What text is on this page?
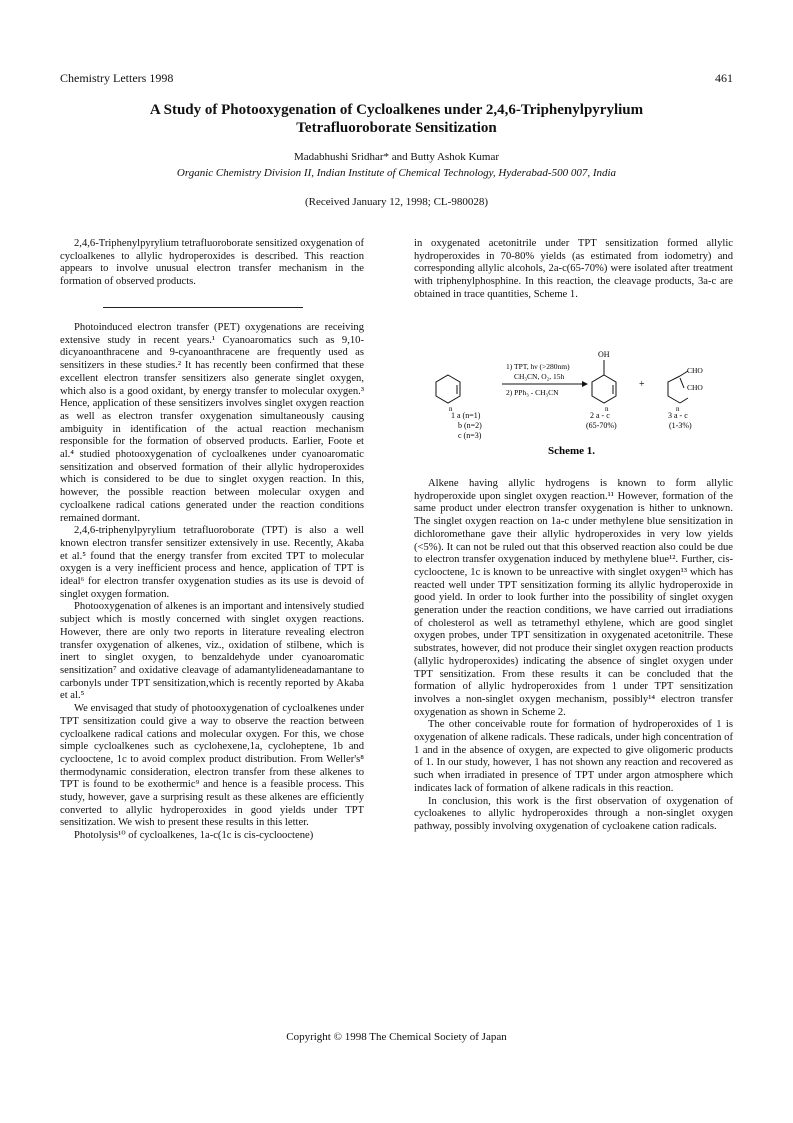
Chemistry Letters 1998	461
A Study of Photooxygenation of Cycloalkenes under 2,4,6-Triphenylpyrylium
Tetrafluoroborate Sensitization
Madabhushi Sridhar* and Butty Ashok Kumar
Organic Chemistry Division II, Indian Institute of Chemical Technology, Hyderabad-500 007, India
(Received January 12, 1998; CL-980028)

2,4,6-Triphenylpyrylium tetrafluoroborate sensitized oxygenation of cycloalkenes to allylic hydroperoxides is described. This reaction appears to involve unusual electron transfer mechanism in the formation of observed products.

Photoinduced electron transfer (PET) oxygenations are receiving extensive study in recent years.¹ Cyanoaromatics such as 9,10-dicyanoanthracene and 9-cyanoanthracene are frequently used as sensitizers in these studies.² It has recently been confirmed that these excellent electron transfer sensitizers also generate singlet oxygen, which also is a good oxidant, by energy transfer to molecular oxygen.³ Hence, application of these sensitizers involves singlet oxygen reaction as well as electron transfer oxygenation simultaneously causing ambiguity in identification of the actual reaction mechanism responsible for the formation of observed products. Earlier, Foote et al.⁴ studied photooxygenation of cycloalkenes under cyanoaromatic sensitization and observed formation of their allylic hydroperoxides which is considered to be due to singlet oxygen reaction. In this, however, the possible reaction between molecular oxygen and cycloalkene radical cations generated under the reaction conditions remained dormant.

2,4,6-triphenylpyrylium tetrafluoroborate (TPT) is also a well known electron transfer sensitizer extensively in use. Recently, Akaba et al.⁵ found that the energy transfer from excited TPT to molecular oxygen is a very inefficient process and hence, application of TPT is ideal⁶ for electron transfer oxygenation studies as its use is devoid of singlet oxygen formation.

Photooxygenation of alkenes is an important and intensively studied subject which is mostly concerned with singlet oxygen reactions. However, there are only two reports in literature revealing electron transfer oxygenation of alkenes, viz., oxidation of stilbene, which is inert to singlet oxygen, to benzaldehyde under cyanoaromatic sensitization⁷ and oxidative cleavage of adamantylideneadamantane to carbonyls under TPT sensitization,which is recently reported by Akaba et al.⁵

We envisaged that study of photooxygenation of cycloalkenes under TPT sensitization could give a way to observe the reaction between cycloalkene radical cations and molecular oxygen. For this, we chose simple cycloalkenes such as cyclohexene,1a, cycloheptene, 1b and cyclooctene, 1c to avoid complex product distribution. From Weller's⁸ thermodynamic consideration, electron transfer from these alkenes to TPT is found to be exothermic⁹ and hence is a feasible process. This study, however, gave a surprising result as these alkenes are efficiently converted to allylic hydroperoxides in good yields under TPT sensitization. We wish to present these results in this letter.

Photolysis¹⁰ of cycloalkenes, 1a-c(1c is cis-cyclooctene)

in oxygenated acetonitrile under TPT sensitization formed allylic hydroperoxides in 70-80% yields (as estimated from iodometry) and corresponding allylic alcohols, 2a-c(65-70%) were isolated after treatment with triphenylphosphine. In this reaction, the cleavage products, 3a-c are obtained in trace quantities, Scheme 1.

n
1 a (n=1)
b (n=2)
c (n=3)
1) TPT, hν (>280nm)
CH₃CN, O₂, 15h
2) PPh₃ - CH₃CN
OH
n
2 a - c
(65-70%)
+
CHO
CHO
n
3 a - c
(1-3%)
Scheme 1.

Alkene having allylic hydrogens is known to form allylic hydroperoxide upon singlet oxygen reaction.¹¹ However, formation of the same product under electron transfer oxygenation is hither to unknown. The singlet oxygen reaction on 1a-c under methylene blue sensitization in dichloromethane gave their allylic hydroperoxides in very low yields (<5%). It can not be ruled out that this observed reaction also could be due to electron transfer oxygenation induced by methylene blue¹². Further, cis-cyclooctene, 1c is known to be unreactive with singlet oxygen¹³ which has reacted well under TPT sensitization forming its allylic hydroperoxide in good yield. In order to look further into the possibility of singlet oxygen generation under the reaction conditions, we have carried out irradiations of cholesterol as well as tetramethyl ethylene, which are good singlet oxygen probes, under TPT sensitization in oxygenated acetonitrile. These substrates, however, did not produce their singlet oxygen reaction products (allylic hydroperoxides) indicating the absence of singlet oxygen under TPT sensitization. From these results it can be concluded that the formation of allylic hydroperoxides from 1 under TPT sensitization involves a non-singlet oxygen mechanism, possibly¹⁴ electron transfer oxygenation as shown in Scheme 2.

The other conceivable route for formation of hydroperoxides of 1 is oxygenation of alkene radicals. These radicals, under high concentration of 1 and in the absence of oxygen, are expected to give oligomeric products of 1. In our study, however, 1 has not shown any reaction and recovered as such when irradiated in presence of TPT under argon atmosphere which indicates lack of formation of alkene radicals in this reaction.

In conclusion, this work is the first observation of oxygenation of cycloakenes to allylic hydroperoxides through a non-singlet oxygen pathway, possibly involving oxygenation of cycloakene cation radicals.

Copyright © 1998 The Chemical Society of Japan
